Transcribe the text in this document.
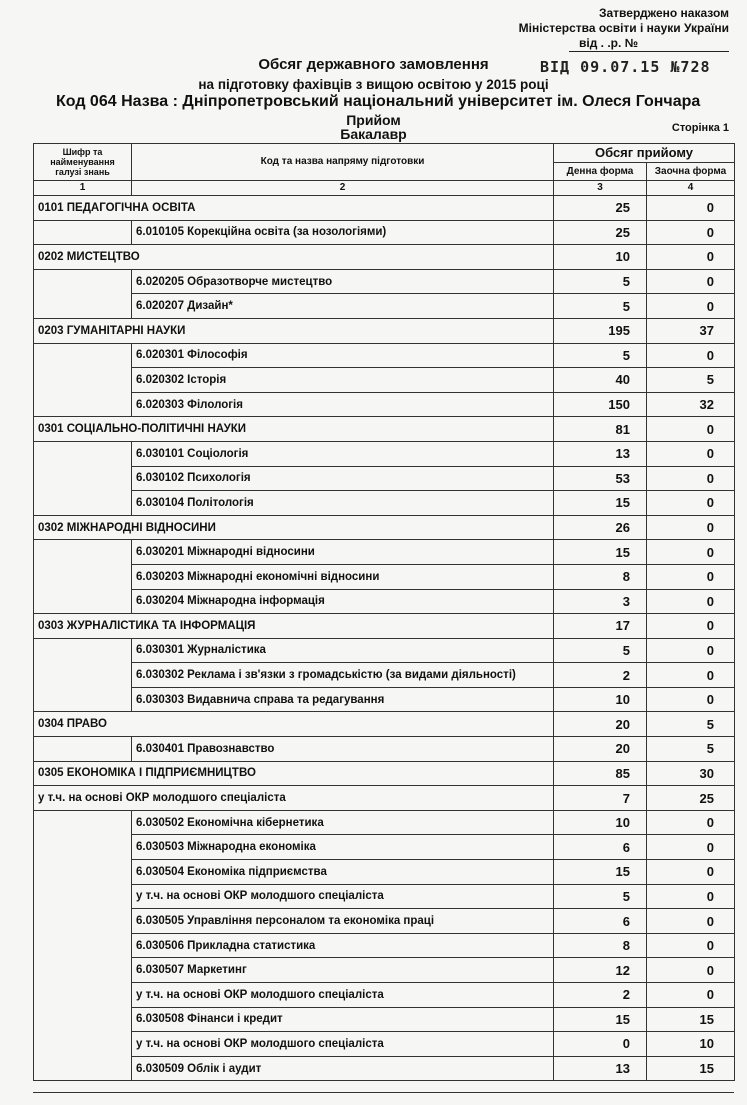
Затверджено наказом
Міністерства освіти і науки України
від . .р. №
Обсяг державного замовлення	ВІД 09.07.15 №728
на підготовку фахівців з вищою освітою у 2015 році
Код 064 Назва : Дніпропетровський національний університет ім. Олеся Гончара
Прийом
Бакалавр	Сторінка 1
Шифр та найменування галузі знань	Код та назва напряму підготовки	Обсяг прийому	
		Денна форма	Заочна форма
1	2	3	4
0101 ПЕДАГОГІЧНА ОСВІТА		25	0
	6.010105 Корекційна освіта (за нозологіями)	25	0
0202 МИСТЕЦТВО		10	0
	6.020205 Образотворче мистецтво	5	0
	6.020207 Дизайн*	5	0
0203 ГУМАНІТАРНІ НАУКИ		195	37
	6.020301 Філософія	5	0
	6.020302 Історія	40	5
	6.020303 Філологія	150	32
0301 СОЦІАЛЬНО-ПОЛІТИЧНІ НАУКИ		81	0
	6.030101 Соціологія	13	0
	6.030102 Психологія	53	0
	6.030104 Політологія	15	0
0302 МІЖНАРОДНІ ВІДНОСИНИ		26	0
	6.030201 Міжнародні відносини	15	0
	6.030203 Міжнародні економічні відносини	8	0
	6.030204 Міжнародна інформація	3	0
0303 ЖУРНАЛІСТИКА ТА ІНФОРМАЦІЯ		17	0
	6.030301 Журналістика	5	0
	6.030302 Реклама і зв'язки з громадськістю (за видами діяльності)	2	0
	6.030303 Видавнича справа та редагування	10	0
0304 ПРАВО		20	5
	6.030401 Правознавство	20	5
0305 ЕКОНОМІКА І ПІДПРИЄМНИЦТВО		85	30
у т.ч. на основі ОКР молодшого спеціаліста		7	25
	6.030502 Економічна кібернетика	10	0
	6.030503 Міжнародна економіка	6	0
	6.030504 Економіка підприємства	15	0
	у т.ч. на основі ОКР молодшого спеціаліста	5	0
	6.030505 Управління персоналом та економіка праці	6	0
	6.030506 Прикладна статистика	8	0
	6.030507 Маркетинг	12	0
	у т.ч. на основі ОКР молодшого спеціаліста	2	0
	6.030508 Фінанси і кредит	15	15
	у т.ч. на основі ОКР молодшого спеціаліста	0	10
	6.030509 Облік і аудит	13	15
